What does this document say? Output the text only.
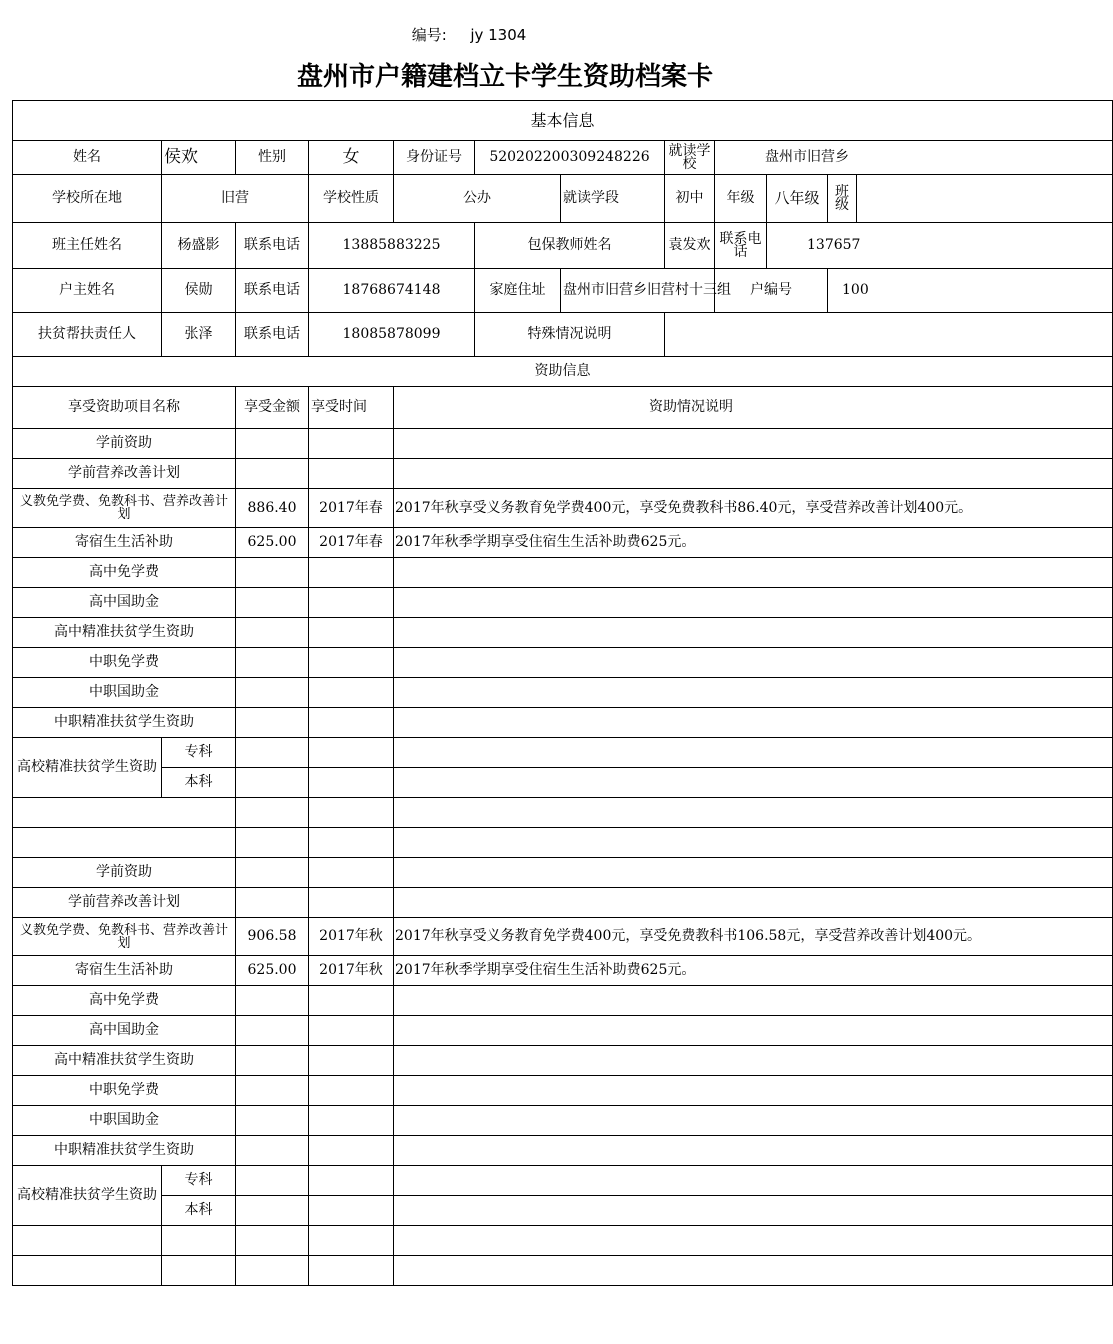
编号: jy 1304
盘州市户籍建档立卡学生资助档案卡
基本信息											
姓名	侯欢	性别	女	身份证号	520202200309248226		就读学校	盘州市旧营乡			
学校所在地	旧营		学校性质	公办		就读学段	初中	年级	八年级	班级	
班主任姓名	杨盛影	联系电话	13885883225		包保教师姓名		袁发欢	联系电话	137657		
户主姓名	侯勋	联系电话	18768674148		家庭住址	盘州市旧营乡旧营村十三组		户编号		100	
扶贫帮扶责任人	张泽	联系电话	18085878099		特殊情况说明						
资助信息											
享受资助项目名称		享受金额	享受时间	资助情况说明							
学前资助											
学前营养改善计划											
义教免学费、免教科书、营养改善计划		886.40	2017年春	2017年秋享受义务教育免学费400元，享受免费教科书86.40元，享受营养改善计划400元。							
寄宿生生活补助		625.00	2017年春	2017年秋季学期享受住宿生生活补助费625元。							
高中免学费											
高中国助金											
高中精准扶贫学生资助											
中职免学费											
中职国助金											
中职精准扶贫学生资助											
高校精准扶贫学生资助	专科										
	本科										

学前资助											
学前营养改善计划											
义教免学费、免教科书、营养改善计划		906.58	2017年秋	2017年秋享受义务教育免学费400元，享受免费教科书106.58元，享受营养改善计划400元。							
寄宿生生活补助		625.00	2017年秋	2017年秋季学期享受住宿生生活补助费625元。							
高中免学费											
高中国助金											
高中精准扶贫学生资助											
中职免学费											
中职国助金											
中职精准扶贫学生资助											
高校精准扶贫学生资助	专科										
	本科										
